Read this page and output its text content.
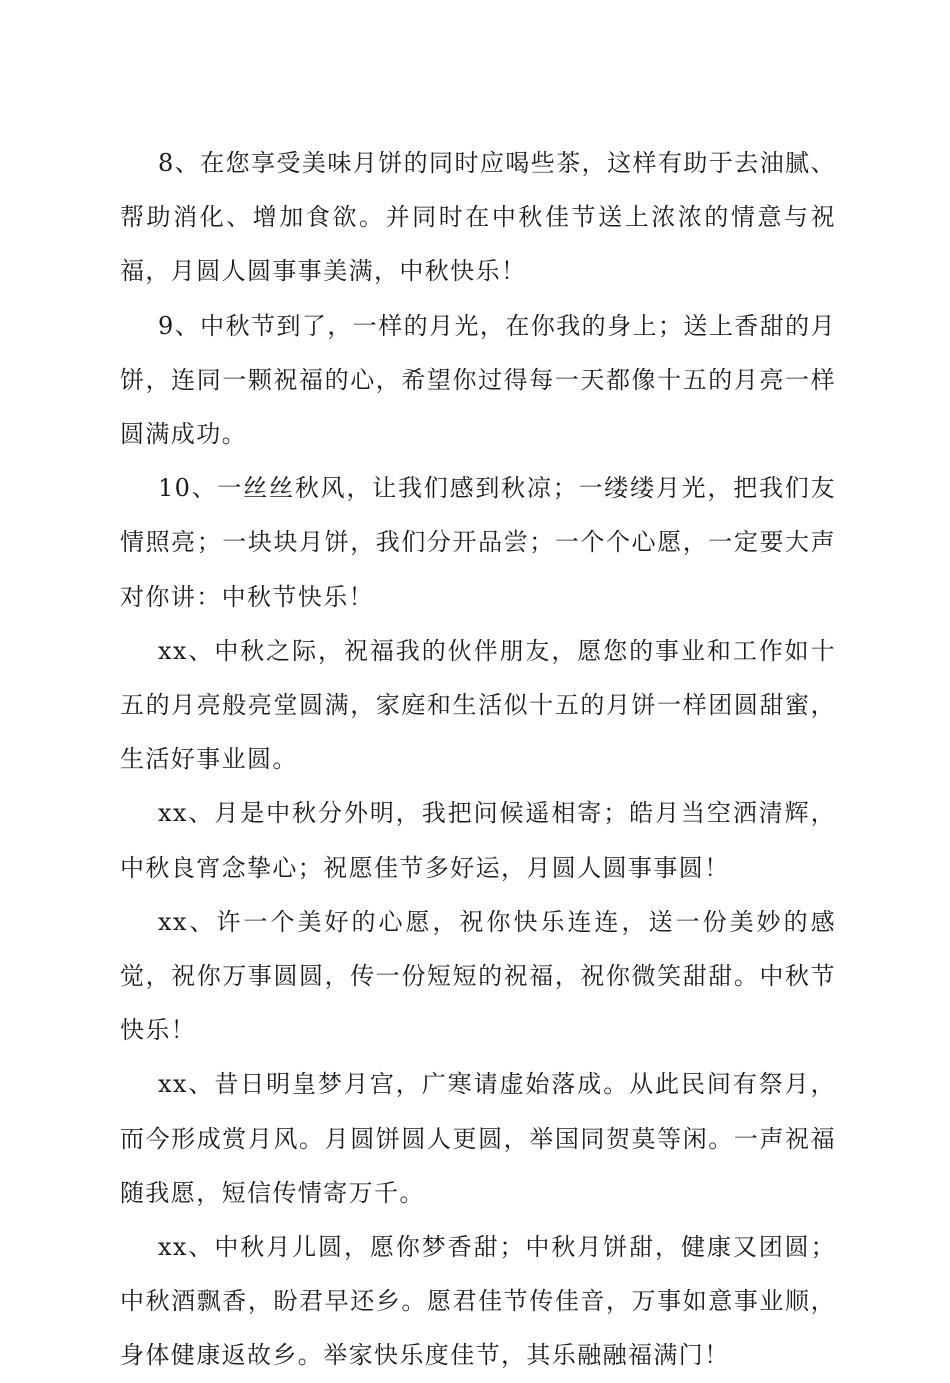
8、在您享受美味月饼的同时应喝些茶，这样有助于去油腻、帮助消化、增加食欲。并同时在中秋佳节送上浓浓的情意与祝福，月圆人圆事事美满，中秋快乐！

9、中秋节到了，一样的月光，在你我的身上；送上香甜的月饼，连同一颗祝福的心，希望你过得每一天都像十五的月亮一样圆满成功。

10、一丝丝秋风，让我们感到秋凉；一缕缕月光，把我们友情照亮；一块块月饼，我们分开品尝；一个个心愿，一定要大声对你讲：中秋节快乐！

xx、中秋之际，祝福我的伙伴朋友，愿您的事业和工作如十五的月亮般亮堂圆满，家庭和生活似十五的月饼一样团圆甜蜜，生活好事业圆。

xx、月是中秋分外明，我把问候遥相寄；皓月当空洒清辉，中秋良宵念挚心；祝愿佳节多好运，月圆人圆事事圆！

xx、许一个美好的心愿，祝你快乐连连，送一份美妙的感觉，祝你万事圆圆，传一份短短的祝福，祝你微笑甜甜。中秋节快乐！

xx、昔日明皇梦月宫，广寒请虚始落成。从此民间有祭月，而今形成赏月风。月圆饼圆人更圆，举国同贺莫等闲。一声祝福随我愿，短信传情寄万千。

xx、中秋月儿圆，愿你梦香甜；中秋月饼甜，健康又团圆；中秋酒飘香，盼君早还乡。愿君佳节传佳音，万事如意事业顺，身体健康返故乡。举家快乐度佳节，其乐融融福满门！
